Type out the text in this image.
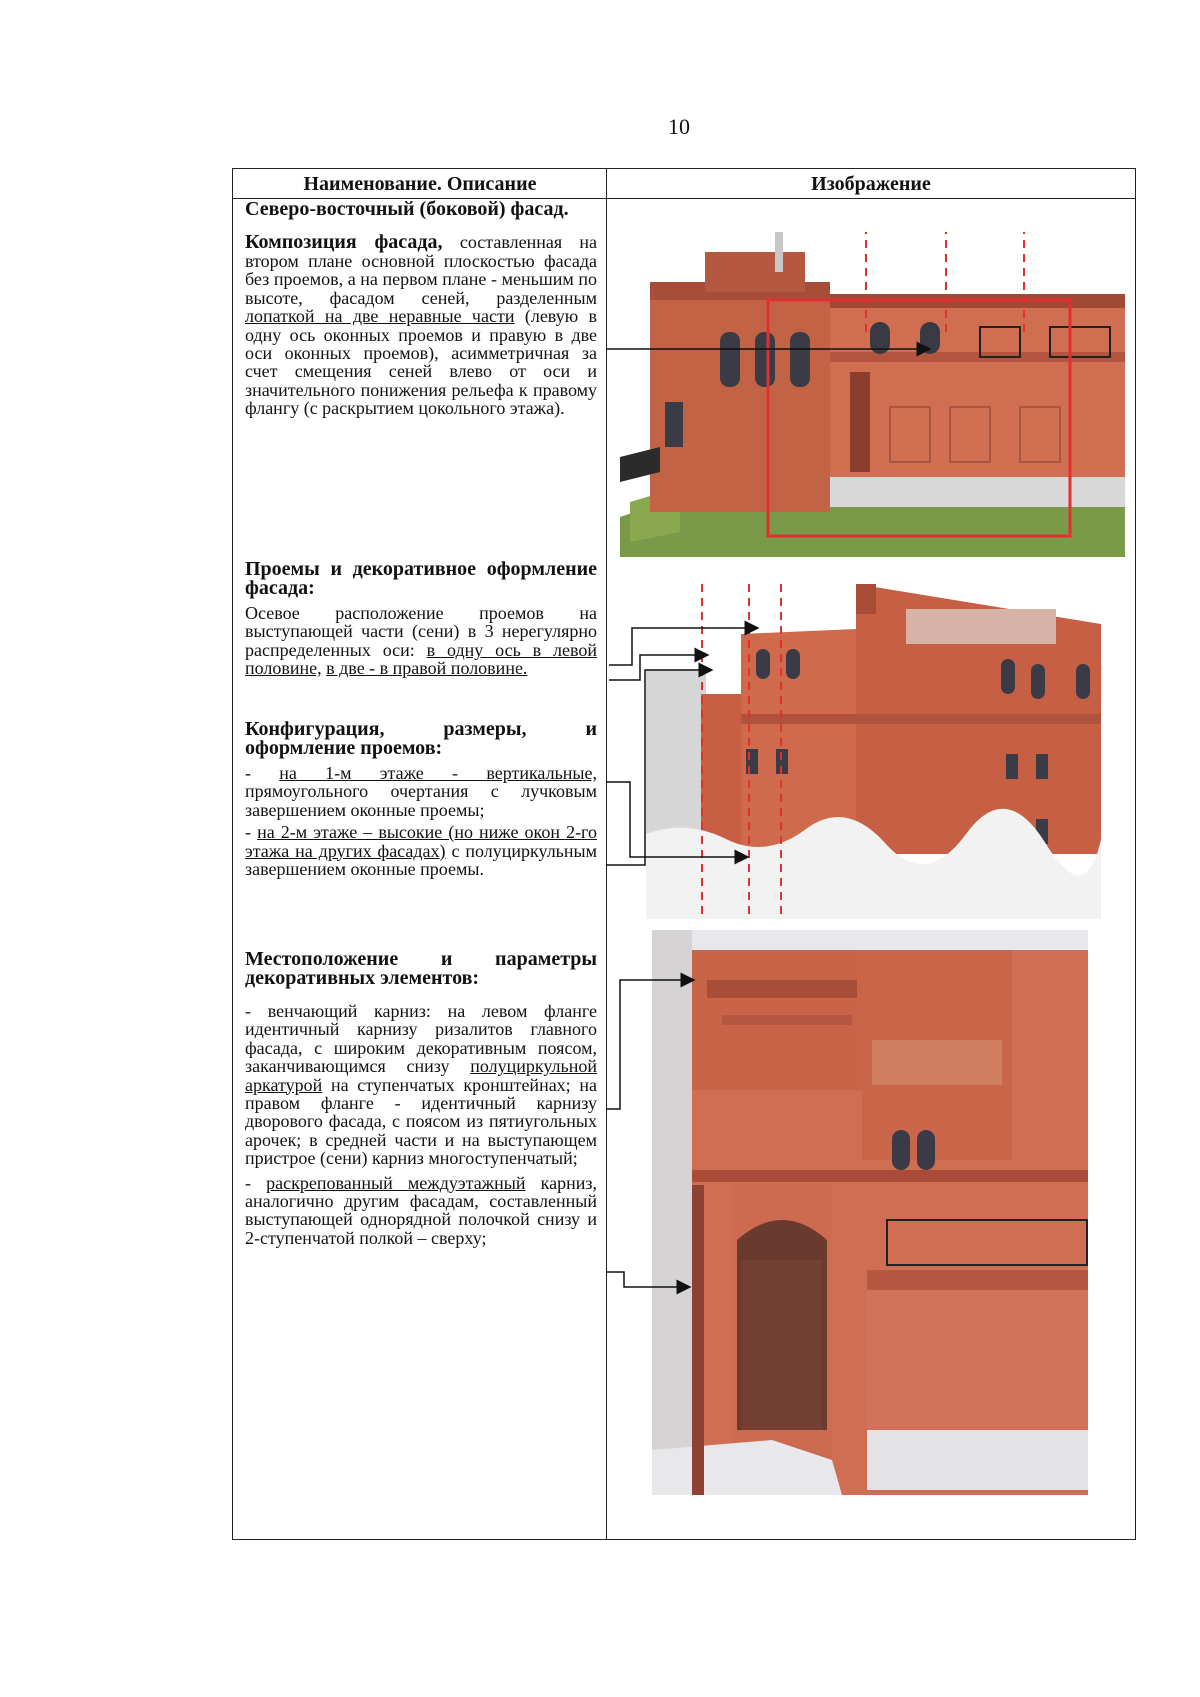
10
Наименование. Описание	Изображение

Северо-восточный (боковой) фасад.

Композиция фасада, составленная на втором плане основной плоскостью фасада без проемов, а на первом плане - меньшим по высоте, фасадом сеней, разделенным лопаткой на две неравные части (левую в одну ось оконных проемов и правую в две оси оконных проемов), асимметричная за счет смещения сеней влево от оси и значительного понижения рельефа к правому флангу (с раскрытием цокольного этажа).

Проемы и декоративное оформление фасада:

Осевое расположение проемов на выступающей части (сени) в 3 нерегулярно распределенных оси: в одну ось в левой половине, в две - в правой половине.

Конфигурация, размеры, и оформление проемов:

- на 1-м этаже - вертикальные, прямоугольного очертания с лучковым завершением оконные проемы;

- на 2-м этаже – высокие (но ниже окон 2-го этажа на других фасадах) с полуциркульным завершением оконные проемы.

Местоположение и параметры декоративных элементов:

- венчающий карниз: на левом фланге идентичный карнизу ризалитов главного фасада, с широким декоративным поясом, заканчивающимся снизу полуциркульной аркатурой на ступенчатых кронштейнах; на правом фланге - идентичный карнизу дворового фасада, с поясом из пятиугольных арочек; в средней части и на выступающем пристрое (сени) карниз многоступенчатый;

- раскрепованный междуэтажный карниз, аналогично другим фасадам, составленный выступающей однорядной полочкой снизу и 2-ступенчатой полкой – сверху;
